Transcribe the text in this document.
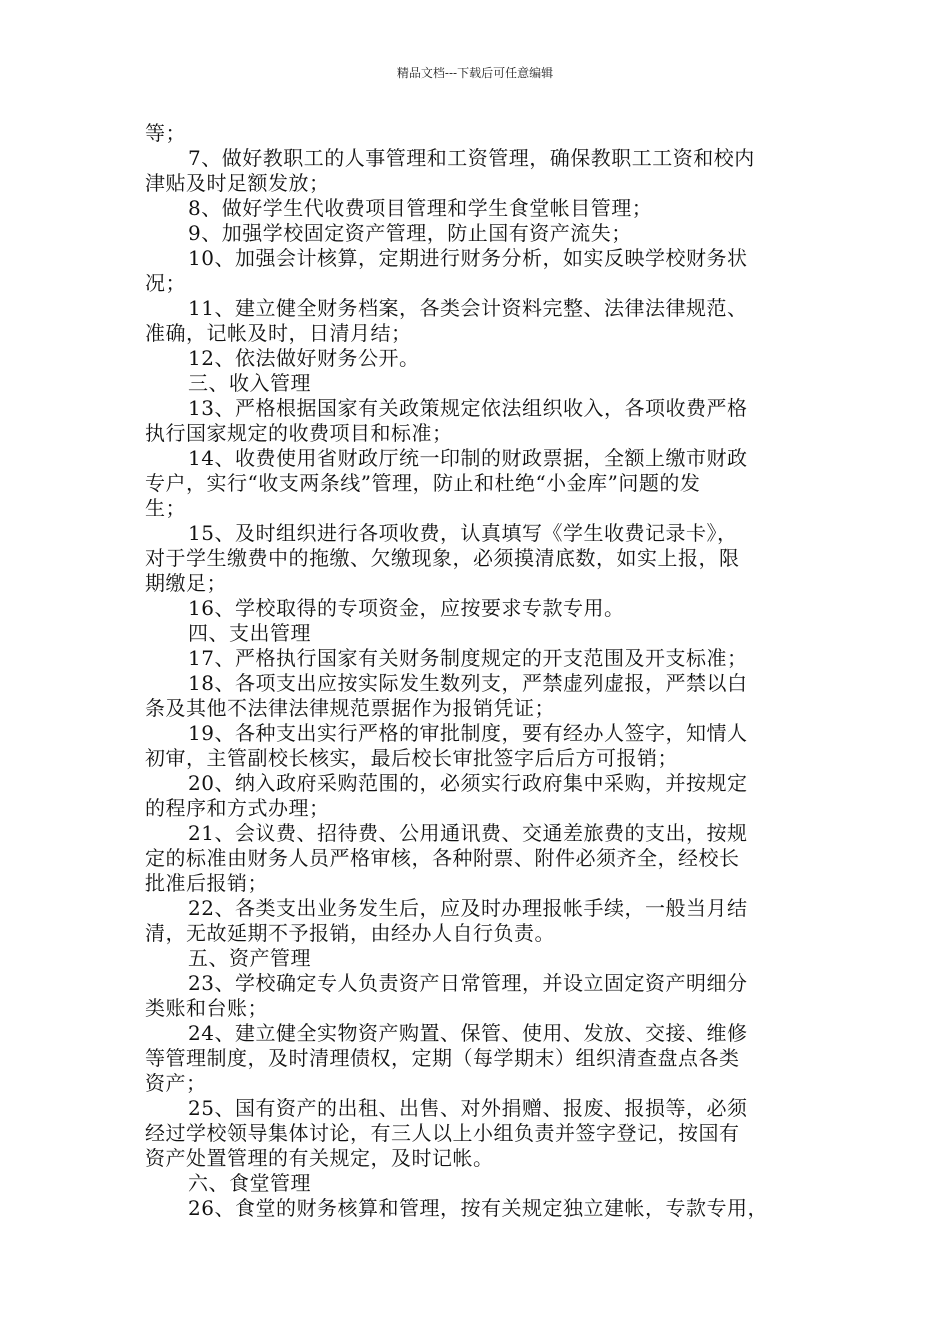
精品文档---下载后可任意编辑
等；
7、做好教职工的人事管理和工资管理，确保教职工工资和校内
津贴及时足额发放；
8、做好学生代收费项目管理和学生食堂帐目管理；
9、加强学校固定资产管理，防止国有资产流失；
10、加强会计核算，定期进行财务分析，如实反映学校财务状
况；
11、建立健全财务档案，各类会计资料完整、法律法律规范、
准确，记帐及时，日清月结；
12、依法做好财务公开。
三、收入管理
13、严格根据国家有关政策规定依法组织收入，各项收费严格
执行国家规定的收费项目和标准；
14、收费使用省财政厅统一印制的财政票据，全额上缴市财政
专户，实行“收支两条线”管理，防止和杜绝“小金库”问题的发
生；
15、及时组织进行各项收费，认真填写《学生收费记录卡》，
对于学生缴费中的拖缴、欠缴现象，必须摸清底数，如实上报，限
期缴足；
16、学校取得的专项资金，应按要求专款专用。
四、支出管理
17、严格执行国家有关财务制度规定的开支范围及开支标准；
18、各项支出应按实际发生数列支，严禁虚列虚报，严禁以白
条及其他不法律法律规范票据作为报销凭证；
19、各种支出实行严格的审批制度，要有经办人签字，知情人
初审，主管副校长核实，最后校长审批签字后后方可报销；
20、纳入政府采购范围的，必须实行政府集中采购，并按规定
的程序和方式办理；
21、会议费、招待费、公用通讯费、交通差旅费的支出，按规
定的标准由财务人员严格审核，各种附票、附件必须齐全，经校长
批准后报销；
22、各类支出业务发生后，应及时办理报帐手续，一般当月结
清，无故延期不予报销，由经办人自行负责。
五、资产管理
23、学校确定专人负责资产日常管理，并设立固定资产明细分
类账和台账；
24、建立健全实物资产购置、保管、使用、发放、交接、维修
等管理制度，及时清理债权，定期（每学期末）组织清查盘点各类
资产；
25、国有资产的出租、出售、对外捐赠、报废、报损等，必须
经过学校领导集体讨论，有三人以上小组负责并签字登记，按国有
资产处置管理的有关规定，及时记帐。
六、食堂管理
26、食堂的财务核算和管理，按有关规定独立建帐，专款专用，
